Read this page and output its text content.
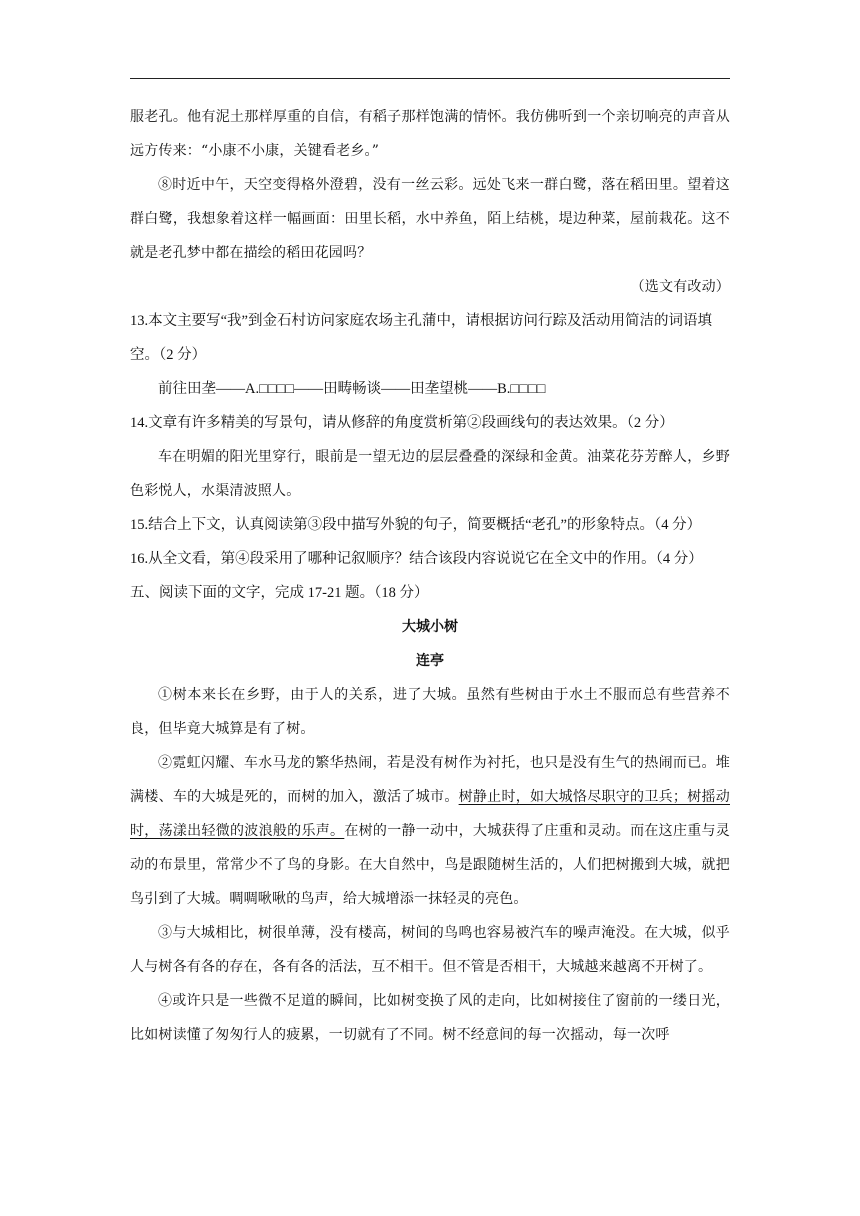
服老孔。他有泥土那样厚重的自信，有稻子那样饱满的情怀。我仿佛听到一个亲切响亮的声音从远方传来：“小康不小康，关键看老乡。”

⑧时近中午，天空变得格外澄碧，没有一丝云彩。远处飞来一群白鹭，落在稻田里。望着这群白鹭，我想象着这样一幅画面：田里长稻，水中养鱼，陌上结桃，堤边种菜，屋前栽花。这不就是老孔梦中都在描绘的稻田花园吗？

（选文有改动）

13.本文主要写“我”到金石村访问家庭农场主孔蒲中，请根据访问行踪及活动用简洁的词语填空。（2 分）

前往田垄——A.□□□□——田畴畅谈——田垄望桃——B.□□□□

14.文章有许多精美的写景句，请从修辞的角度赏析第②段画线句的表达效果。（2 分）

车在明媚的阳光里穿行，眼前是一望无边的层层叠叠的深绿和金黄。油菜花芬芳醉人，乡野色彩悦人，水渠清波照人。

15.结合上下文，认真阅读第③段中描写外貌的句子，简要概括“老孔”的形象特点。（4 分）

16.从全文看，第④段采用了哪种记叙顺序？结合该段内容说说它在全文中的作用。（4 分）

五、阅读下面的文字，完成 17-21 题。（18 分）

大城小树

连亭

①树本来长在乡野，由于人的关系，进了大城。虽然有些树由于水土不服而总有些营养不良，但毕竟大城算是有了树。

②霓虹闪耀、车水马龙的繁华热闹，若是没有树作为衬托，也只是没有生气的热闹而已。堆满楼、车的大城是死的，而树的加入，激活了城市。树静止时，如大城恪尽职守的卫兵；树摇动时，荡漾出轻微的波浪般的乐声。在树的一静一动中，大城获得了庄重和灵动。而在这庄重与灵动的布景里，常常少不了鸟的身影。在大自然中，鸟是跟随树生活的，人们把树搬到大城，就把鸟引到了大城。啁啁啾啾的鸟声，给大城增添一抹轻灵的亮色。

③与大城相比，树很单薄，没有楼高，树间的鸟鸣也容易被汽车的噪声淹没。在大城，似乎人与树各有各的存在，各有各的活法，互不相干。但不管是否相干，大城越来越离不开树了。

④或许只是一些微不足道的瞬间，比如树变换了风的走向，比如树接住了窗前的一缕日光，比如树读懂了匆匆行人的疲累，一切就有了不同。树不经意间的每一次摇动，每一次呼
